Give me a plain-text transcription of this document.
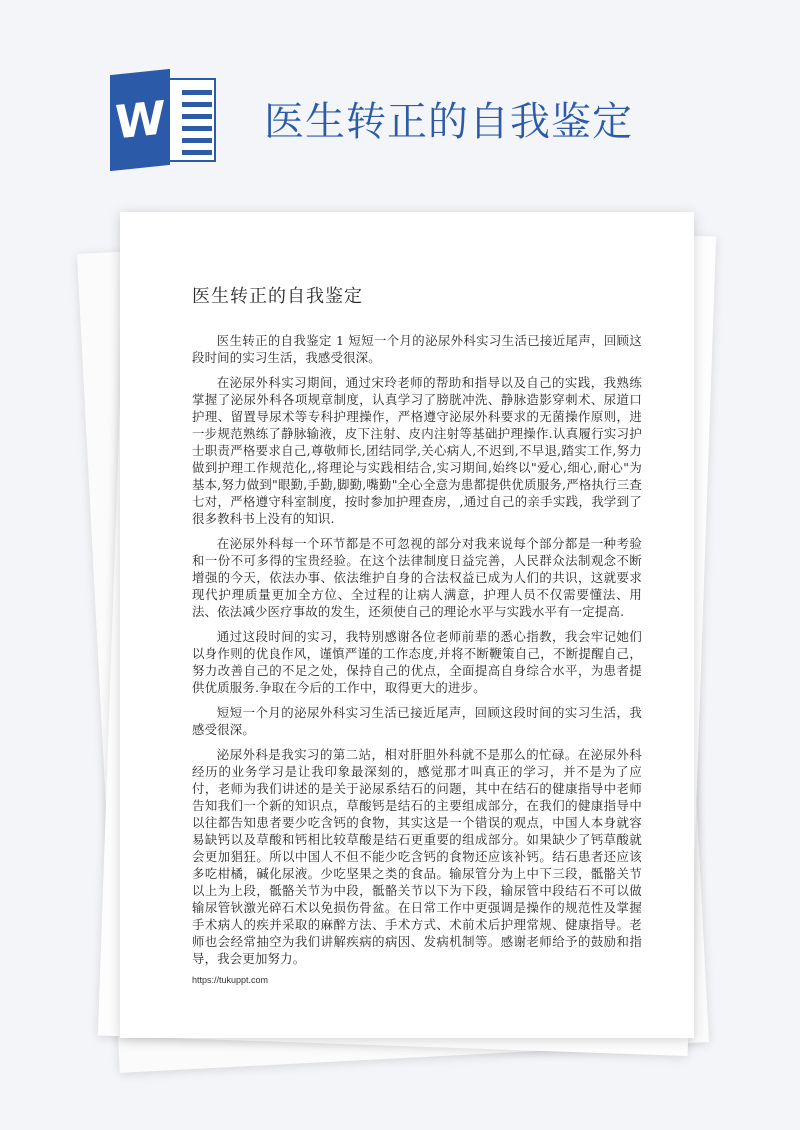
W 医生转正的自我鉴定
医生转正的自我鉴定

医生转正的自我鉴定 1 短短一个月的泌尿外科实习生活已接近尾声，回顾这段时间的实习生活，我感受很深。

在泌尿外科实习期间，通过宋玲老师的帮助和指导以及自己的实践，我熟练掌握了泌尿外科各项规章制度，认真学习了膀胱冲洗、静脉造影穿刺术、尿道口护理、留置导尿术等专科护理操作，严格遵守泌尿外科要求的无菌操作原则，进一步规范熟练了静脉输液，皮下注射、皮内注射等基础护理操作.认真履行实习护士职责严格要求自己,尊敬师长,团结同学,关心病人,不迟到,不早退,踏实工作,努力做到护理工作规范化,,将理论与实践相结合,实习期间,始终以"爱心,细心,耐心"为基本,努力做到"眼勤,手勤,脚勤,嘴勤"全心全意为患都提供优质服务,严格执行三查七对，严格遵守科室制度，按时参加护理查房，,通过自己的亲手实践，我学到了很多教科书上没有的知识.

在泌尿外科每一个环节都是不可忽视的部分对我来说每个部分都是一种考验和一份不可多得的宝贵经验。在这个法律制度日益完善，人民群众法制观念不断增强的今天，依法办事、依法维护自身的合法权益已成为人们的共识，这就要求现代护理质量更加全方位、全过程的让病人满意，护理人员不仅需要懂法、用法、依法减少医疗事故的发生，还须使自己的理论水平与实践水平有一定提高.

通过这段时间的实习，我特别感谢各位老师前辈的悉心指教，我会牢记她们以身作则的优良作风，谨慎严谨的工作态度,并将不断鞭策自己，不断提醒自己，努力改善自己的不足之处，保持自己的优点，全面提高自身综合水平，为患者提供优质服务.争取在今后的工作中，取得更大的进步。

短短一个月的泌尿外科实习生活已接近尾声，回顾这段时间的实习生活，我感受很深。

泌尿外科是我实习的第二站，相对肝胆外科就不是那么的忙碌。在泌尿外科经历的业务学习是让我印象最深刻的，感觉那才叫真正的学习，并不是为了应付，老师为我们讲述的是关于泌尿系结石的问题，其中在结石的健康指导中老师告知我们一个新的知识点，草酸钙是结石的主要组成部分，在我们的健康指导中以往都告知患者要少吃含钙的食物，其实这是一个错误的观点，中国人本身就容易缺钙以及草酸和钙相比较草酸是结石更重要的组成部分。如果缺少了钙草酸就会更加猖狂。所以中国人不但不能少吃含钙的食物还应该补钙。结石患者还应该多吃柑橘，碱化尿液。少吃坚果之类的食品。输尿管分为上中下三段，骶骼关节以上为上段，骶骼关节为中段，骶骼关节以下为下段，输尿管中段结石不可以做输尿管钬激光碎石术以免损伤骨盆。在日常工作中更强调是操作的规范性及掌握手术病人的疾并采取的麻醉方法、手术方式、术前术后护理常规、健康指导。老师也会经常抽空为我们讲解疾病的病因、发病机制等。感谢老师给予的鼓励和指导，我会更加努力。

https://tukuppt.com
